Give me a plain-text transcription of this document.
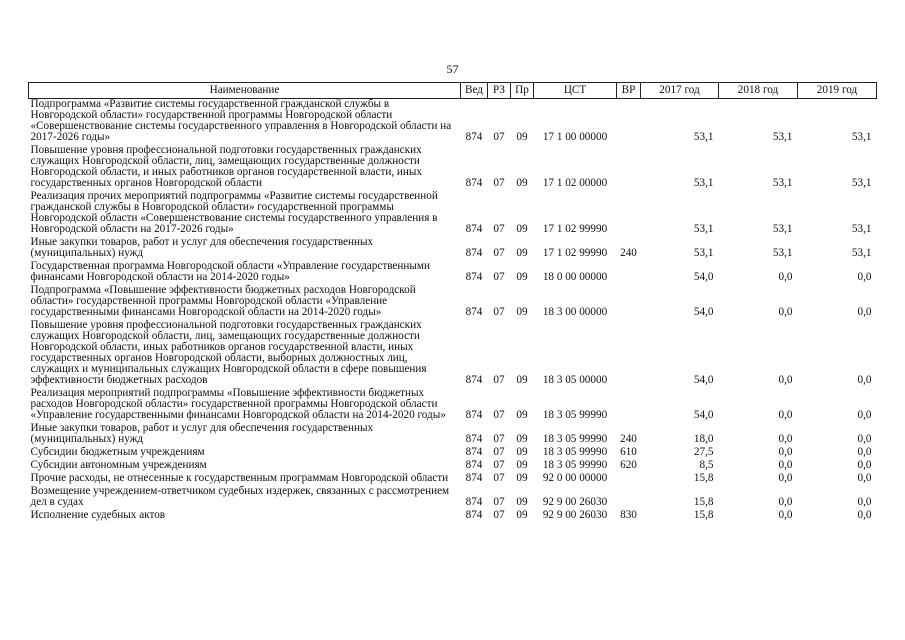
57
Наименование	Вед	РЗ	Пр	ЦСТ	ВР	2017 год	2018 год	2019 год
Подпрограмма «Развитие системы государственной гражданской службы в Новгородской области» государственной программы Новгородской области «Совершенствование системы государственного управления в Новгородской области на 2017-2026 годы»	874	07	09	17 1 00 00000		53,1	53,1	53,1
Повышение уровня профессиональной подготовки государственных гражданских служащих Новгородской области, лиц, замещающих государственные должности Новгородской области, и иных работников органов государственной власти, иных государственных органов Новгородской области	874	07	09	17 1 02 00000		53,1	53,1	53,1
Реализация прочих мероприятий подпрограммы «Развитие системы государственной гражданской службы в Новгородской области» государственной программы Новгородской области «Совершенствование системы государственного управления в Новгородской области на 2017-2026 годы»	874	07	09	17 1 02 99990		53,1	53,1	53,1
Иные закупки товаров, работ и услуг для обеспечения государственных (муниципальных) нужд	874	07	09	17 1 02 99990	240	53,1	53,1	53,1
Государственная программа Новгородской области «Управление государственными финансами Новгородской области на 2014-2020 годы»	874	07	09	18 0 00 00000		54,0	0,0	0,0
Подпрограмма «Повышение эффективности бюджетных расходов Новгородской области» государственной программы Новгородской области «Управление государственными финансами Новгородской области на 2014-2020 годы»	874	07	09	18 3 00 00000		54,0	0,0	0,0
Повышение уровня профессиональной подготовки государственных гражданских служащих Новгородской области, лиц, замещающих государственные должности Новгородской области, иных работников органов государственной власти, иных государственных органов Новгородской области, выборных должностных лиц, служащих и муниципальных служащих Новгородской области в сфере повышения эффективности бюджетных расходов	874	07	09	18 3 05 00000		54,0	0,0	0,0
Реализация мероприятий подпрограммы «Повышение эффективности бюджетных расходов Новгородской области» государственной программы Новгородской области «Управление государственными финансами Новгородской области на 2014-2020 годы»	874	07	09	18 3 05 99990		54,0	0,0	0,0
Иные закупки товаров, работ и услуг для обеспечения государственных (муниципальных) нужд	874	07	09	18 3 05 99990	240	18,0	0,0	0,0
Субсидии бюджетным учреждениям	874	07	09	18 3 05 99990	610	27,5	0,0	0,0
Субсидии автономным учреждениям	874	07	09	18 3 05 99990	620	8,5	0,0	0,0
Прочие расходы, не отнесенные к государственным программам Новгородской области	874	07	09	92 0 00 00000		15,8	0,0	0,0
Возмещение учреждением-ответчиком судебных издержек, связанных с рассмотрением дел в судах	874	07	09	92 9 00 26030		15,8	0,0	0,0
Исполнение судебных актов	874	07	09	92 9 00 26030	830	15,8	0,0	0,0
